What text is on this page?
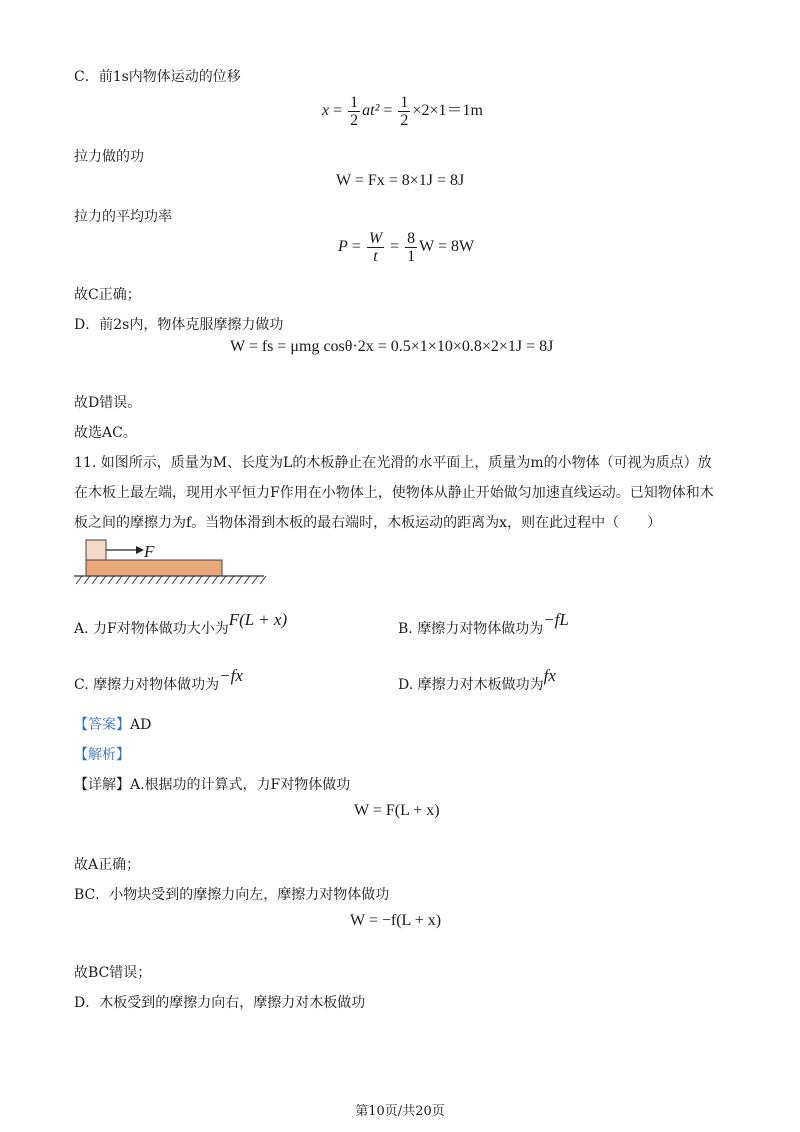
C．前1s内物体运动的位移
$x = \frac{1}{2} at^2 = \frac{1}{2} \times 2\times 1=1m$
拉力做的功
W = Fx = 8×1J = 8J
拉力的平均功率
$P = \frac{W}{t} = \frac{8}{1}$ W = 8W
故C正确；
D．前2s内，物体克服摩擦力做功
W = fs = μmg cosθ·2x = 0.5×1×10×0.8×2×1J = 8J
故D错误。
故选AC。
11. 如图所示，质量为M、长度为L的木板静止在光滑的水平面上，质量为m的小物体（可视为质点）放
在木板上最左端，现用水平恒力F作用在小物体上，使物体从静止开始做匀加速直线运动。已知物体和木
板之间的摩擦力为f。当物体滑到木板的最右端时，木板运动的距离为x，则在此过程中（　　）
F
A. 力F对物体做功大小为F(L + x)	B. 摩擦力对物体做功为−fL
C. 摩擦力对物体做功为−fx	D. 摩擦力对木板做功为fx
【答案】AD
【解析】
【详解】A.根据功的计算式，力F对物体做功
W = F(L + x)
故A正确；
BC．小物块受到的摩擦力向左，摩擦力对物体做功
W = −f(L + x)
故BC错误；
D．木板受到的摩擦力向右，摩擦力对木板做功
第10页/共20页
